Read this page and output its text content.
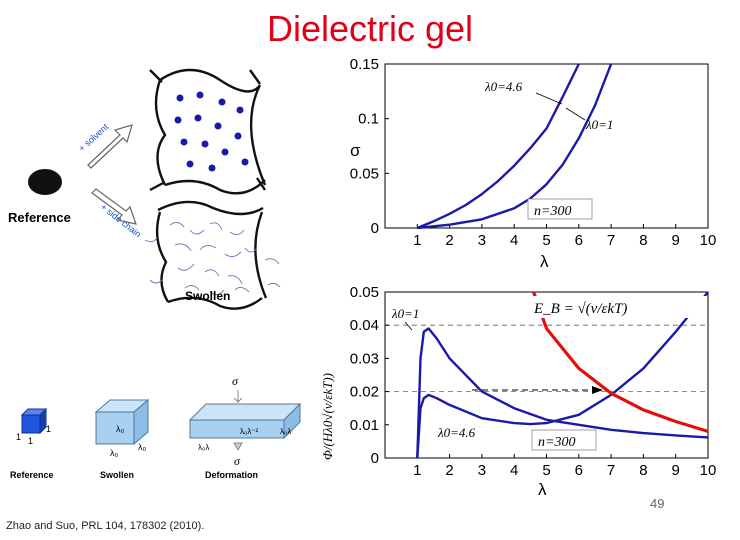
Dielectric gel
Reference
+ solvent
+ side chain
Swollen
1 1
1
Reference
λ₀
λ₀
λ₀
Swollen
σ
σ
λ₀λ⁻²
λ₀λ
λ₀λ
Deformation
1 2 3 4 5 6 7 8 9 10
0
0.05
0.1
0.15
λ0=4.6
λ0=1
n=300
λ
σ
1 2 3 4 5 6 7 8 9 10
0
0.01
0.02
0.03
0.04
0.05
λ0=1	E_B = √(v/εkT)
λ0=4.6
n=300
λ
Φ/(Hλ0√(v/εkT))
49
Zhao and Suo, PRL 104, 178302 (2010).
